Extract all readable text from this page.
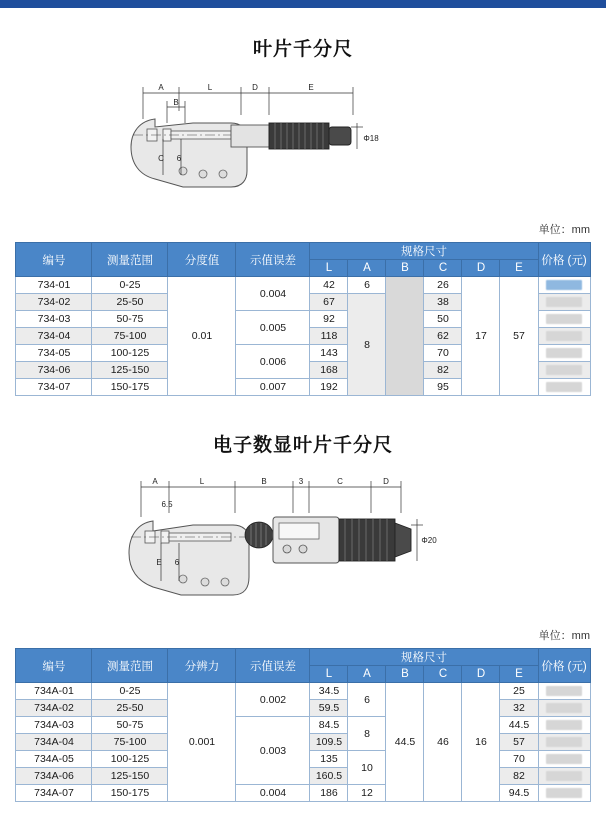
叶片千分尺
A	L	D	E
B
Φ18
C 6
单位：mm
编号	测量范围	分度值	示值误差	规格尺寸						价格 (元)
				L	A	B	C	D	E	
734-01	0-25	0.01	0.004	42	6		26	17	57	

734-02	25-50			67	8		38			

734-03	50-75		0.005	92			50			

734-04	75-100			118			62			

734-05	100-125		0.006	143			70			

734-06	125-150			168			82			

734-07	150-175		0.007	192			95			
电子数显叶片千分尺
A	L	B	3	C	D
6.5
Φ20
E 6
单位：mm
编号	测量范围	分辨力	示值误差	规格尺寸						价格 (元)
				L	A	B	C	D	E	
734A-01	0-25	0.001	0.002	34.5	6	44.5	46	16	25	

734A-02	25-50			59.5					32	

734A-03	50-75		0.003	84.5	8				44.5	

734A-04	75-100			109.5					57	

734A-05	100-125			135	10				70	

734A-06	125-150			160.5					82	

734A-07	150-175		0.004	186	12				94.5	
